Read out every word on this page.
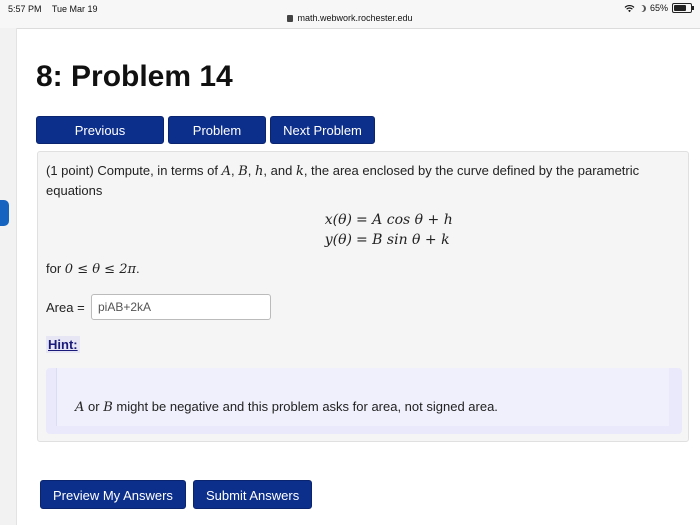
5:57 PM Tue Mar 19
math.webwork.rochester.edu
65%
8: Problem 14
Previous	Problem	Next Problem
(1 point) Compute, in terms of A, B, h, and k, the area enclosed by the curve defined by the parametric equations
x(θ) = A cos θ + h
y(θ) = B sin θ + k
for 0 ≤ θ ≤ 2π.
Area =
piAB+2kA
Hint:
A or B might be negative and this problem asks for area, not signed area.
Preview My Answers	Submit Answers
